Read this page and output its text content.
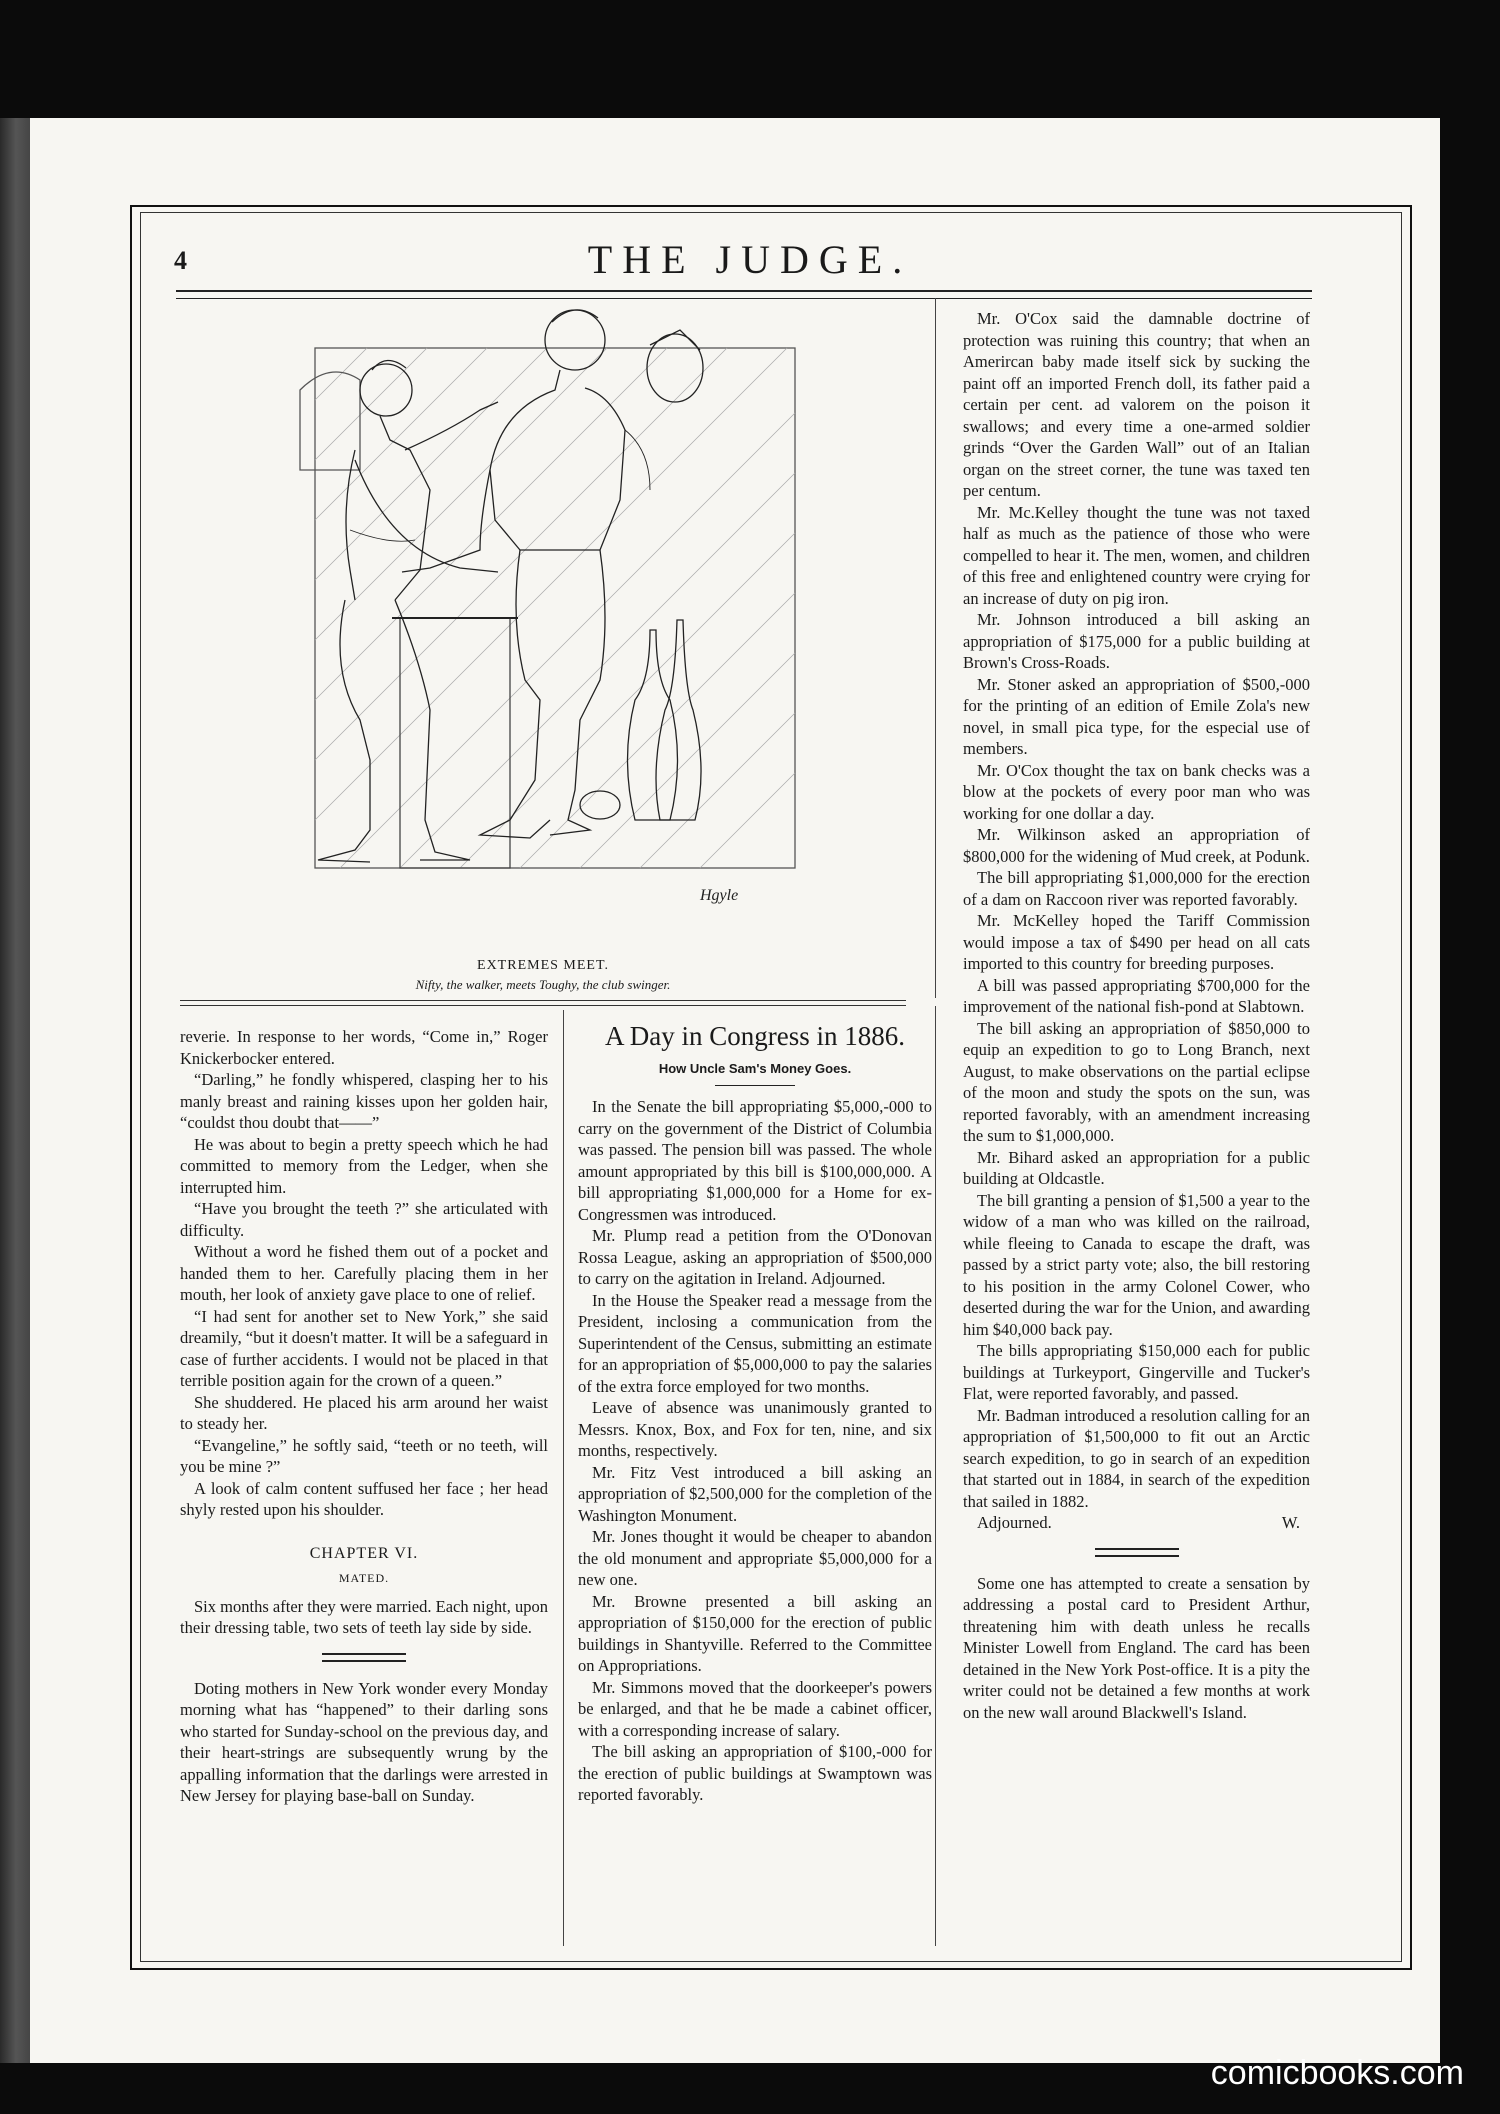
4	THE JUDGE.
Hgyle
EXTREMES MEET.
Nifty, the walker, meets Toughy, the club swinger.

reverie. In response to her words, “Come in,” Roger Knickerbocker entered.

“Darling,” he fondly whispered, clasping her to his manly breast and raining kisses upon her golden hair, “couldst thou doubt that——”

He was about to begin a pretty speech which he had committed to memory from the Ledger, when she interrupted him.

“Have you brought the teeth ?” she articulated with difficulty.

Without a word he fished them out of a pocket and handed them to her. Carefully placing them in her mouth, her look of anxiety gave place to one of relief.

“I had sent for another set to New York,” she said dreamily, “but it doesn't matter. It will be a safeguard in case of further accidents. I would not be placed in that terrible position again for the crown of a queen.”

She shuddered. He placed his arm around her waist to steady her.

“Evangeline,” he softly said, “teeth or no teeth, will you be mine ?”

A look of calm content suffused her face ; her head shyly rested upon his shoulder.

CHAPTER VI.
MATED.

Six months after they were married. Each night, upon their dressing table, two sets of teeth lay side by side.

Doting mothers in New York wonder every Monday morning what has “happened” to their darling sons who started for Sunday-school on the previous day, and their heart-strings are subsequently wrung by the appalling information that the darlings were arrested in New Jersey for playing base-ball on Sunday.

A Day in Congress in 1886.
How Uncle Sam's Money Goes.

In the Senate the bill appropriating $5,000,-000 to carry on the government of the District of Columbia was passed. The pension bill was passed. The whole amount appropriated by this bill is $100,000,000. A bill appropriating $1,000,000 for a Home for ex-Congressmen was introduced.

Mr. Plump read a petition from the O'Donovan Rossa League, asking an appropriation of $500,000 to carry on the agitation in Ireland. Adjourned.

In the House the Speaker read a message from the President, inclosing a communication from the Superintendent of the Census, submitting an estimate for an appropriation of $5,000,000 to pay the salaries of the extra force employed for two months.

Leave of absence was unanimously granted to Messrs. Knox, Box, and Fox for ten, nine, and six months, respectively.

Mr. Fitz Vest introduced a bill asking an appropriation of $2,500,000 for the completion of the Washington Monument.

Mr. Jones thought it would be cheaper to abandon the old monument and appropriate $5,000,000 for a new one.

Mr. Browne presented a bill asking an appropriation of $150,000 for the erection of public buildings in Shantyville. Referred to the Committee on Appropriations.

Mr. Simmons moved that the doorkeeper's powers be enlarged, and that he be made a cabinet officer, with a corresponding increase of salary.

The bill asking an appropriation of $100,-000 for the erection of public buildings at Swamptown was reported favorably.

Mr. O'Cox said the damnable doctrine of protection was ruining this country; that when an Amerircan baby made itself sick by sucking the paint off an imported French doll, its father paid a certain per cent. ad valorem on the poison it swallows; and every time a one-armed soldier grinds “Over the Garden Wall” out of an Italian organ on the street corner, the tune was taxed ten per centum.

Mr. Mc.Kelley thought the tune was not taxed half as much as the patience of those who were compelled to hear it. The men, women, and children of this free and enlightened country were crying for an increase of duty on pig iron.

Mr. Johnson introduced a bill asking an appropriation of $175,000 for a public building at Brown's Cross-Roads.

Mr. Stoner asked an appropriation of $500,-000 for the printing of an edition of Emile Zola's new novel, in small pica type, for the especial use of members.

Mr. O'Cox thought the tax on bank checks was a blow at the pockets of every poor man who was working for one dollar a day.

Mr. Wilkinson asked an appropriation of $800,000 for the widening of Mud creek, at Podunk.

The bill appropriating $1,000,000 for the erection of a dam on Raccoon river was reported favorably.

Mr. McKelley hoped the Tariff Commission would impose a tax of $490 per head on all cats imported to this country for breeding purposes.

A bill was passed appropriating $700,000 for the improvement of the national fish-pond at Slabtown.

The bill asking an appropriation of $850,000 to equip an expedition to go to Long Branch, next August, to make observations on the partial eclipse of the moon and study the spots on the sun, was reported favorably, with an amendment increasing the sum to $1,000,000.

Mr. Bihard asked an appropriation for a public building at Oldcastle.

The bill granting a pension of $1,500 a year to the widow of a man who was killed on the railroad, while fleeing to Canada to escape the draft, was passed by a strict party vote; also, the bill restoring to his position in the army Colonel Cower, who deserted during the war for the Union, and awarding him $40,000 back pay.

The bills appropriating $150,000 each for public buildings at Turkeyport, Gingerville and Tucker's Flat, were reported favorably, and passed.

Mr. Badman introduced a resolution calling for an appropriation of $1,500,000 to fit out an Arctic search expedition, to go in search of an expedition that started out in 1884, in search of the expedition that sailed in 1882.

Adjourned.	W.

Some one has attempted to create a sensation by addressing a postal card to President Arthur, threatening him with death unless he recalls Minister Lowell from England. The card has been detained in the New York Post-office. It is a pity the writer could not be detained a few months at work on the new wall around Blackwell's Island.

comicbooks.com
